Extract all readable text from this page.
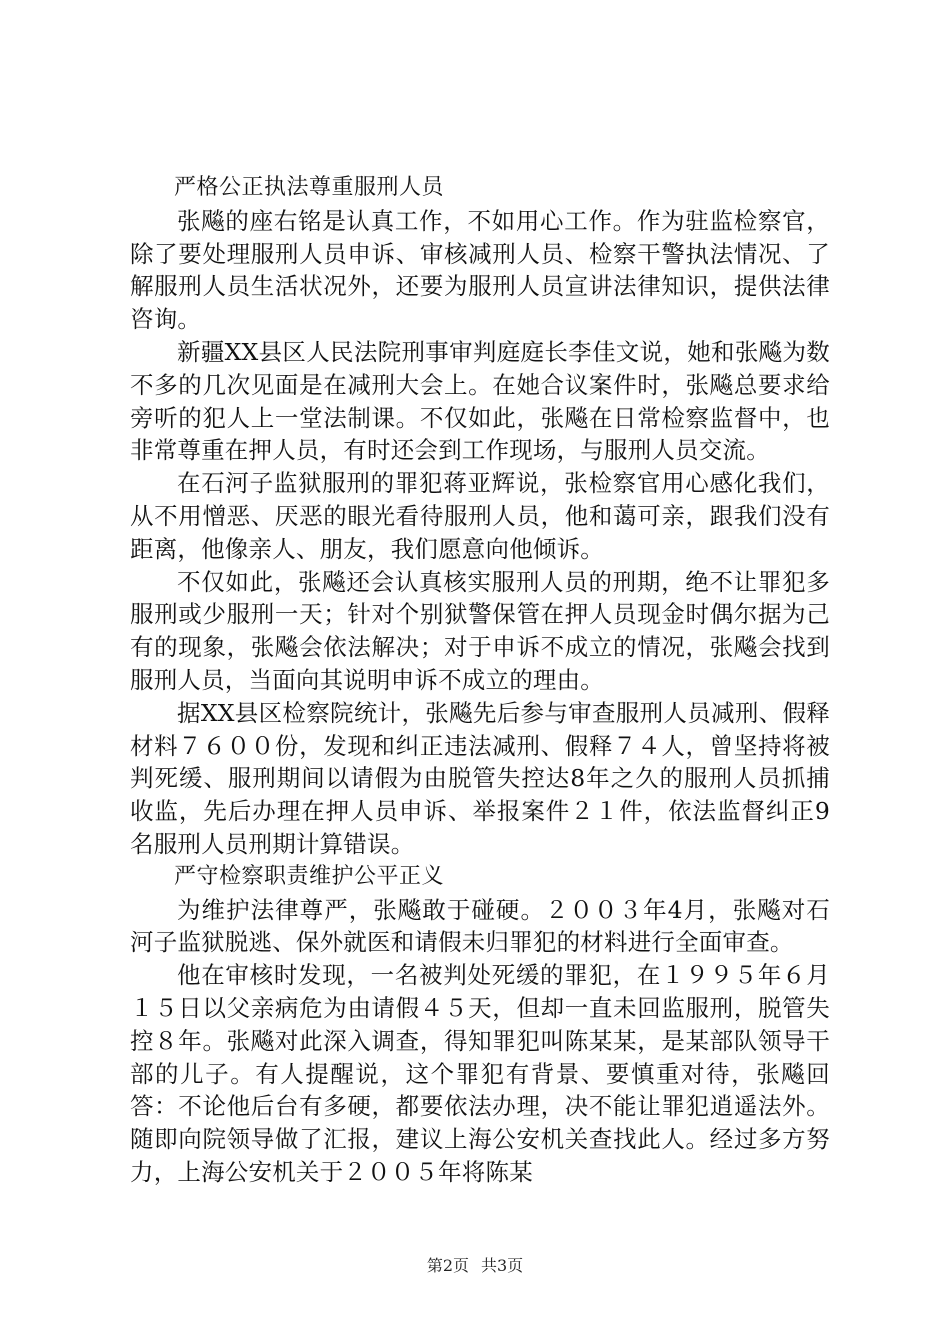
严格公正执法尊重服刑人员

张飚的座右铭是认真工作，不如用心工作。作为驻监检察官，除了要处理服刑人员申诉、审核减刑人员、检察干警执法情况、了解服刑人员生活状况外，还要为服刑人员宣讲法律知识，提供法律咨询。

新疆XX县区人民法院刑事审判庭庭长李佳文说，她和张飚为数不多的几次见面是在减刑大会上。在她合议案件时，张飚总要求给旁听的犯人上一堂法制课。不仅如此，张飚在日常检察监督中，也非常尊重在押人员，有时还会到工作现场，与服刑人员交流。

在石河子监狱服刑的罪犯蒋亚辉说，张检察官用心感化我们，从不用憎恶、厌恶的眼光看待服刑人员，他和蔼可亲，跟我们没有距离，他像亲人、朋友，我们愿意向他倾诉。

不仅如此，张飚还会认真核实服刑人员的刑期，绝不让罪犯多服刑或少服刑一天；针对个别狱警保管在押人员现金时偶尔据为己有的现象，张飚会依法解决；对于申诉不成立的情况，张飚会找到服刑人员，当面向其说明申诉不成立的理由。

据XX县区检察院统计，张飚先后参与审查服刑人员减刑、假释材料７６００份，发现和纠正违法减刑、假释７４人，曾坚持将被判死缓、服刑期间以请假为由脱管失控达8年之久的服刑人员抓捕收监，先后办理在押人员申诉、举报案件２１件，依法监督纠正9名服刑人员刑期计算错误。

严守检察职责维护公平正义

为维护法律尊严，张飚敢于碰硬。２００３年4月，张飚对石河子监狱脱逃、保外就医和请假未归罪犯的材料进行全面审查。

他在审核时发现，一名被判处死缓的罪犯，在１９９５年６月１５日以父亲病危为由请假４５天，但却一直未回监服刑，脱管失控８年。张飚对此深入调查，得知罪犯叫陈某某，是某部队领导干部的儿子。有人提醒说，这个罪犯有背景、要慎重对待，张飚回答：不论他后台有多硬，都要依法办理，决不能让罪犯逍遥法外。随即向院领导做了汇报，建议上海公安机关查找此人。经过多方努力，上海公安机关于２００５年将陈某

第2页 共3页
